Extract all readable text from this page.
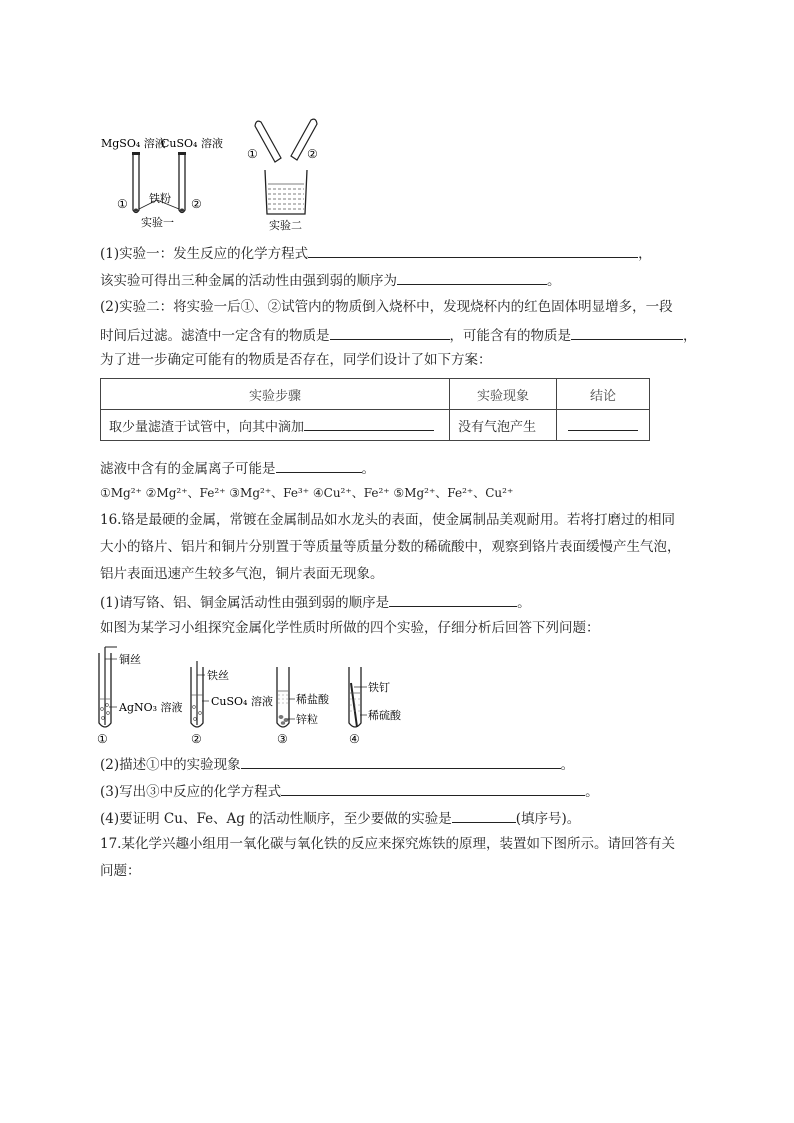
MgSO₄ 溶液
CuSO₄ 溶液
铁粉
①	②
实验一
①	②
实验二
(1)实验一：发生反应的化学方程式	，
该实验可得出三种金属的活动性由强到弱的顺序为	。
(2)实验二：将实验一后①、②试管内的物质倒入烧杯中，发现烧杯内的红色固体明显增多，一段
时间后过滤。滤渣中一定含有的物质是	，可能含有的物质是	，
为了进一步确定可能有的物质是否存在，同学们设计了如下方案：
实验步骤	实验现象	结论
取少量滤渣于试管中，向其中滴加	没有气泡产生	
滤液中含有的金属离子可能是	。
①Mg²⁺ ②Mg²⁺、Fe²⁺ ③Mg²⁺、Fe³⁺ ④Cu²⁺、Fe²⁺ ⑤Mg²⁺、Fe²⁺、Cu²⁺
16.铬是最硬的金属，常镀在金属制品如水龙头的表面，使金属制品美观耐用。若将打磨过的相同
大小的铬片、铝片和铜片分别置于等质量等质量分数的稀硫酸中，观察到铬片表面缓慢产生气泡，
铝片表面迅速产生较多气泡，铜片表面无现象。
(1)请写铬、铝、铜金属活动性由强到弱的顺序是	。
如图为某学习小组探究金属化学性质时所做的四个实验，仔细分析后回答下列问题：
铜丝
AgNO₃ 溶液
①
铁丝
CuSO₄ 溶液
②
稀盐酸
锌粒
③
铁钉
稀硫酸
④
(2)描述①中的实验现象	。
(3)写出③中反应的化学方程式	。
(4)要证明 Cu、Fe、Ag 的活动性顺序，至少要做的实验是	(填序号)。
17.某化学兴趣小组用一氧化碳与氧化铁的反应来探究炼铁的原理，装置如下图所示。请回答有关
问题：
